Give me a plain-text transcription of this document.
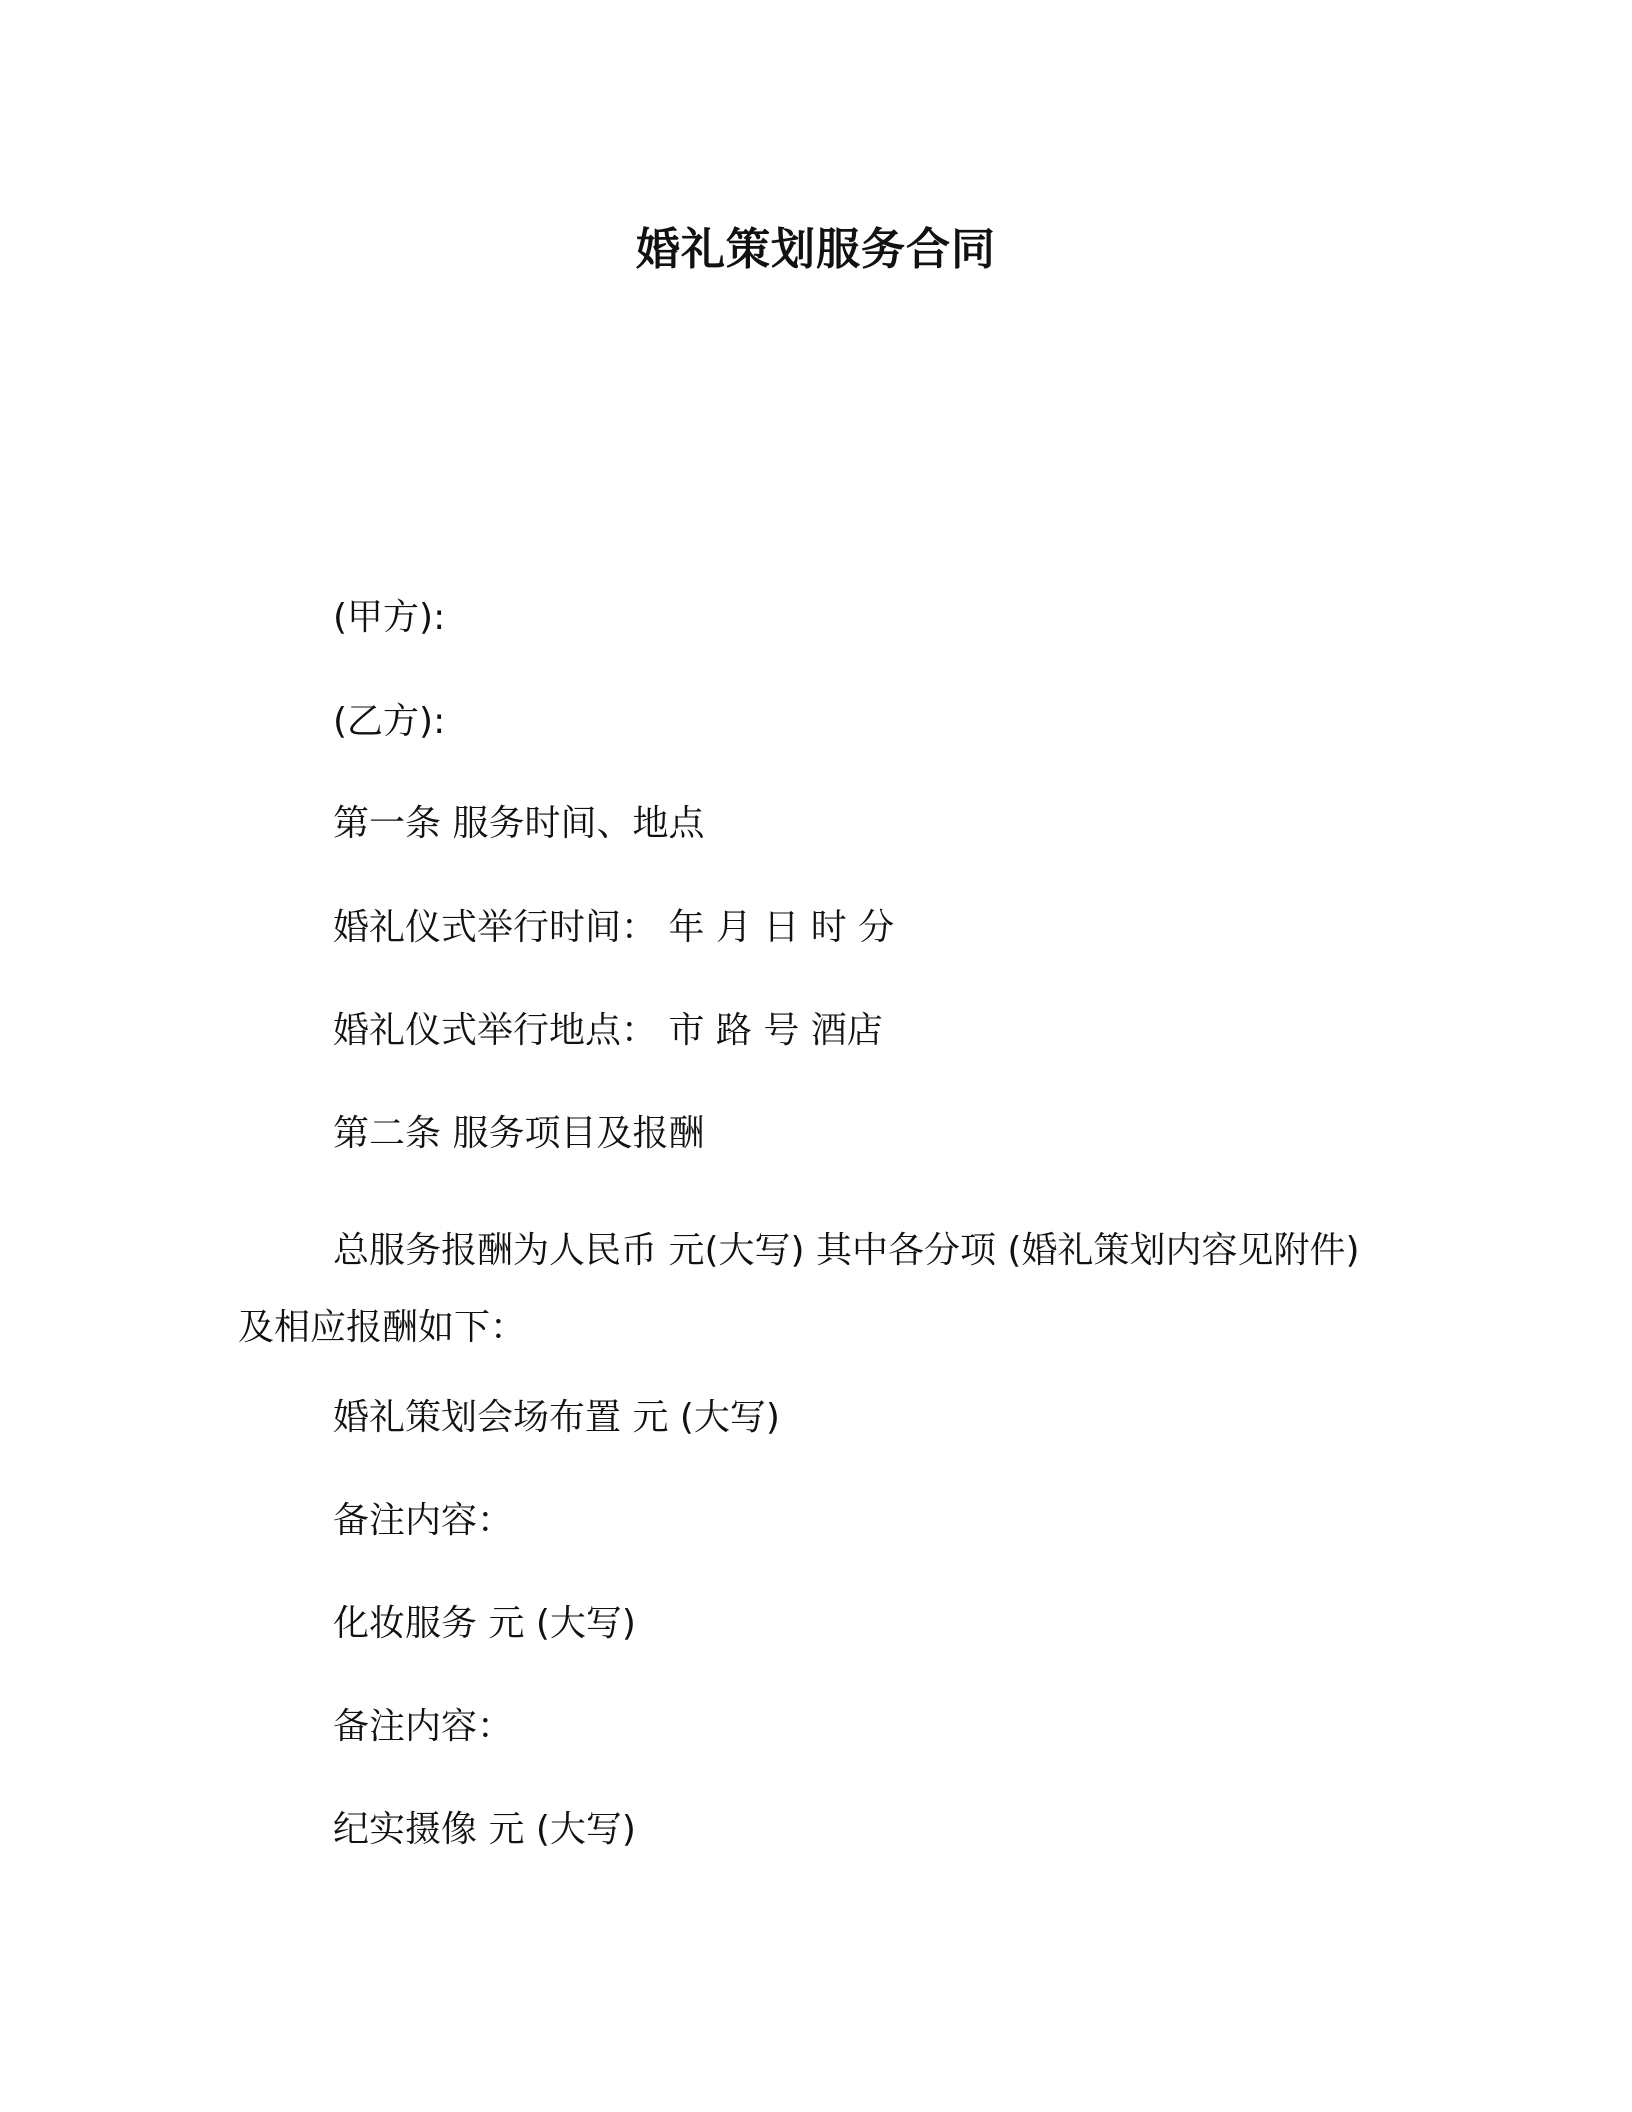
婚礼策划服务合同
(甲方):
(乙方):
第一条 服务时间、地点
婚礼仪式举行时间： 年 月 日 时 分
婚礼仪式举行地点： 市 路 号 酒店
第二条 服务项目及报酬
总服务报酬为人民币 元(大写) 其中各分项 (婚礼策划内容见附件) 及相应报酬如下：
婚礼策划会场布置 元 (大写)
备注内容：
化妆服务 元 (大写)
备注内容：
纪实摄像 元 (大写)
